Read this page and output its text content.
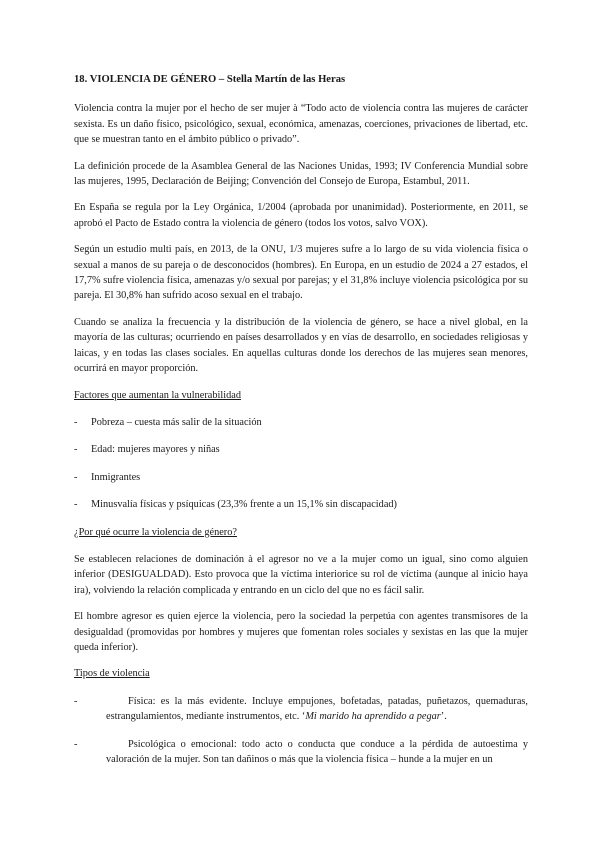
18. VIOLENCIA DE GÉNERO – Stella Martín de las Heras

Violencia contra la mujer por el hecho de ser mujer à “Todo acto de violencia contra las mujeres de carácter sexista. Es un daño físico, psicológico, sexual, económica, amenazas, coerciones, privaciones de libertad, etc. que se muestran tanto en el ámbito público o privado”.

La definición procede de la Asamblea General de las Naciones Unidas, 1993; IV Conferencia Mundial sobre las mujeres, 1995, Declaración de Beijing; Convención del Consejo de Europa, Estambul, 2011.

En España se regula por la Ley Orgánica, 1/2004 (aprobada por unanimidad). Posteriormente, en 2011, se aprobó el Pacto de Estado contra la violencia de género (todos los votos, salvo VOX).

Según un estudio multi país, en 2013, de la ONU, 1/3 mujeres sufre a lo largo de su vida violencia física o sexual a manos de su pareja o de desconocidos (hombres). En Europa, en un estudio de 2024 a 27 estados, el 17,7% sufre violencia física, amenazas y/o sexual por parejas; y el 31,8% incluye violencia psicológica por su pareja. El 30,8% han sufrido acoso sexual en el trabajo.

Cuando se analiza la frecuencia y la distribución de la violencia de género, se hace a nivel global, en la mayoría de las culturas; ocurriendo en países desarrollados y en vías de desarrollo, en sociedades religiosas y laicas, y en todas las clases sociales. En aquellas culturas donde los derechos de las mujeres sean menores, ocurrirá en mayor proporción.

Factores que aumentan la vulnerabilidad

- Pobreza – cuesta más salir de la situación
- Edad: mujeres mayores y niñas
- Inmigrantes
- Minusvalía físicas y psíquicas (23,3% frente a un 15,1% sin discapacidad)

¿Por qué ocurre la violencia de género?

Se establecen relaciones de dominación à el agresor no ve a la mujer como un igual, sino como alguien inferior (DESIGUALDAD). Esto provoca que la víctima interiorice su rol de víctima (aunque al inicio haya ira), volviendo la relación complicada y entrando en un ciclo del que no es fácil salir.

El hombre agresor es quien ejerce la violencia, pero la sociedad la perpetúa con agentes transmisores de la desigualdad (promovidas por hombres y mujeres que fomentan roles sociales y sexistas en las que la mujer queda inferior).

Tipos de violencia

-	Física: es la más evidente. Incluye empujones, bofetadas, patadas, puñetazos, quemaduras, estrangulamientos, mediante instrumentos, etc. ‘Mi marido ha aprendido a pegar’.
-	Psicológica o emocional: todo acto o conducta que conduce a la pérdida de autoestima y valoración de la mujer. Son tan dañinos o más que la violencia física – hunde a la mujer en un
